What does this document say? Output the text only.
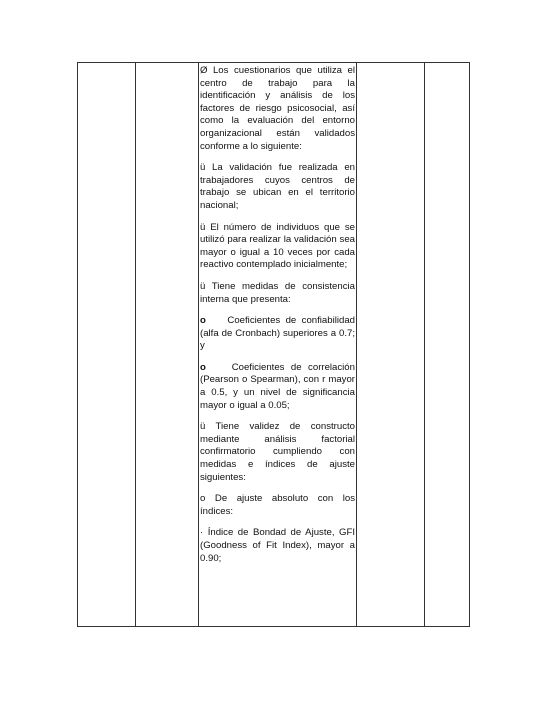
Ø Los cuestionarios que utiliza el centro de trabajo para la identificación y análisis de los factores de riesgo psicosocial, así como la evaluación del entorno organizacional están validados conforme a lo siguiente:

ü La validación fue realizada en trabajadores cuyos centros de trabajo se ubican en el territorio nacional;

ü El número de individuos que se utilizó para realizar la validación sea mayor o igual a 10 veces por cada reactivo contemplado inicialmente;

ü Tiene medidas de consistencia interna que presenta:

o Coeficientes de confiabilidad (alfa de Cronbach) superiores a 0.7; y

o	Coeficientes de correlación (Pearson o Spearman), con r mayor a 0.5, y un nivel de significancia mayor o igual a 0.05;

ü Tiene validez de constructo mediante análisis factorial confirmatorio cumpliendo con medidas e índices de ajuste siguientes:

o De ajuste absoluto con los índices:

· Índice de Bondad de Ajuste, GFI (Goodness of Fit Index), mayor a 0.90;
